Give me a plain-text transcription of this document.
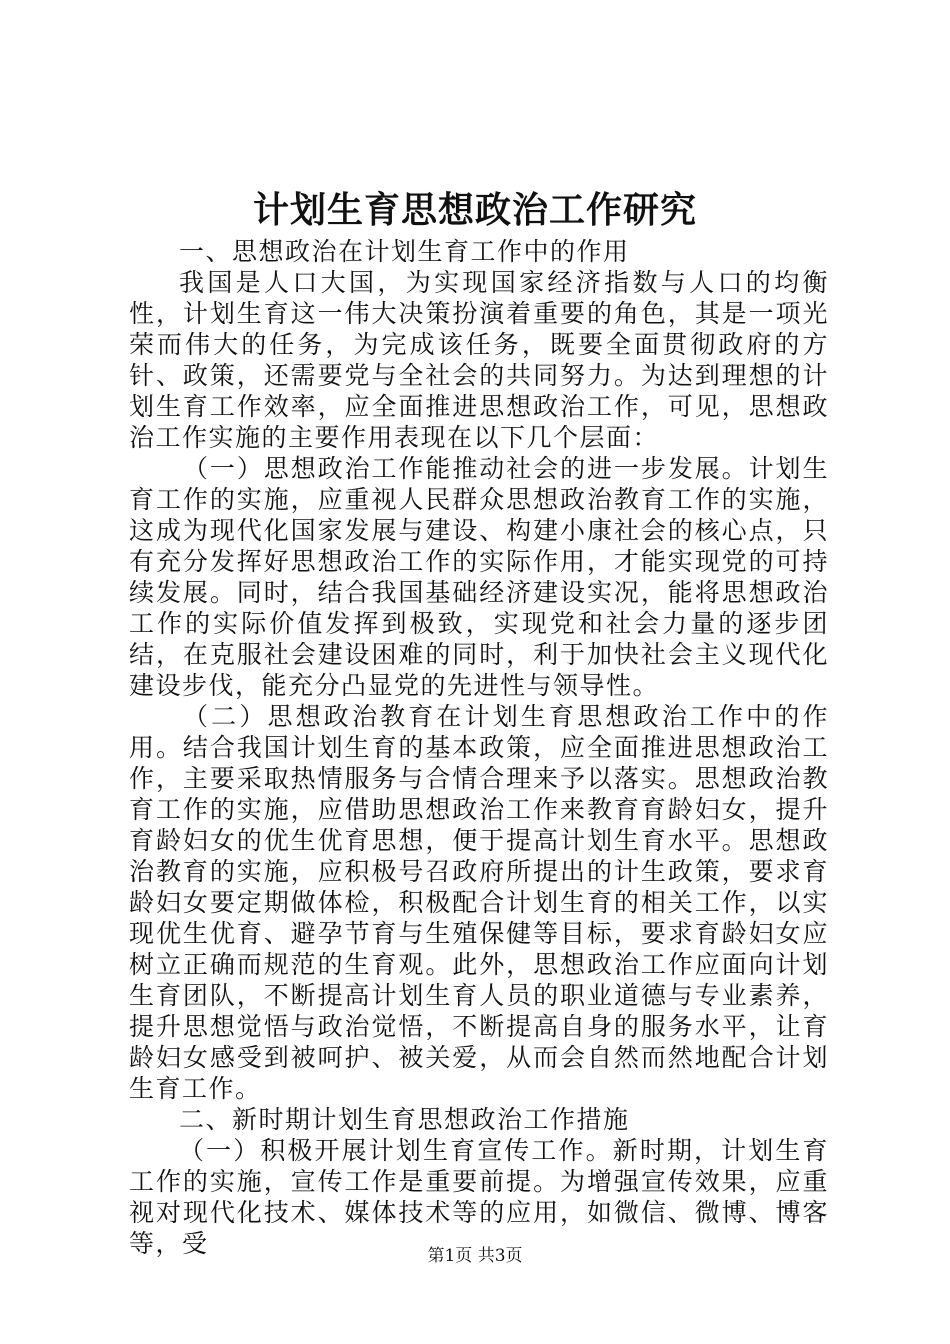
计划生育思想政治工作研究

一、思想政治在计划生育工作中的作用

我国是人口大国，为实现国家经济指数与人口的均衡性，计划生育这一伟大决策扮演着重要的角色，其是一项光荣而伟大的任务，为完成该任务，既要全面贯彻政府的方针、政策，还需要党与全社会的共同努力。为达到理想的计划生育工作效率，应全面推进思想政治工作，可见，思想政治工作实施的主要作用表现在以下几个层面：

（一）思想政治工作能推动社会的进一步发展。计划生育工作的实施，应重视人民群众思想政治教育工作的实施，这成为现代化国家发展与建设、构建小康社会的核心点，只有充分发挥好思想政治工作的实际作用，才能实现党的可持续发展。同时，结合我国基础经济建设实况，能将思想政治工作的实际价值发挥到极致，实现党和社会力量的逐步团结，在克服社会建设困难的同时，利于加快社会主义现代化建设步伐，能充分凸显党的先进性与领导性。

（二）思想政治教育在计划生育思想政治工作中的作用。结合我国计划生育的基本政策，应全面推进思想政治工作，主要采取热情服务与合情合理来予以落实。思想政治教育工作的实施，应借助思想政治工作来教育育龄妇女，提升育龄妇女的优生优育思想，便于提高计划生育水平。思想政治教育的实施，应积极号召政府所提出的计生政策，要求育龄妇女要定期做体检，积极配合计划生育的相关工作，以实现优生优育、避孕节育与生殖保健等目标，要求育龄妇女应树立正确而规范的生育观。此外，思想政治工作应面向计划生育团队，不断提高计划生育人员的职业道德与专业素养，提升思想觉悟与政治觉悟，不断提高自身的服务水平，让育龄妇女感受到被呵护、被关爱，从而会自然而然地配合计划生育工作。

二、新时期计划生育思想政治工作措施

（一）积极开展计划生育宣传工作。新时期，计划生育工作的实施，宣传工作是重要前提。为增强宣传效果，应重视对现代化技术、媒体技术等的应用，如微信、微博、博客等，受	第1页 共3页
